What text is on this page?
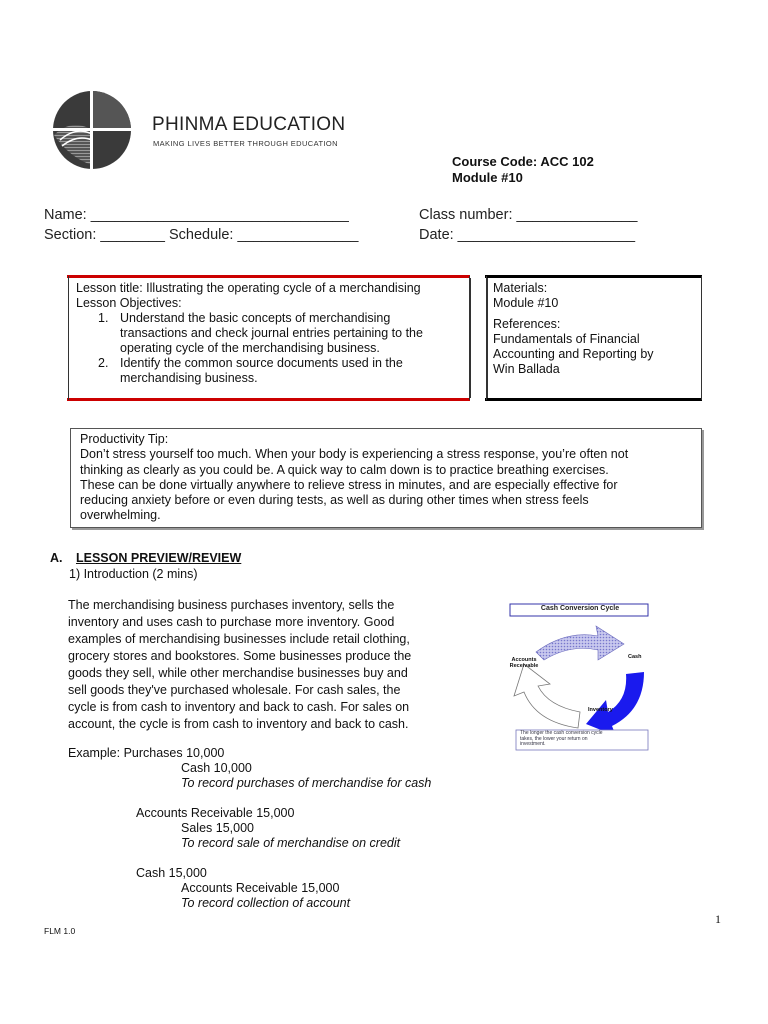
PHINMA EDUCATION
MAKING LIVES BETTER THROUGH EDUCATION
Course Code: ACC 102
Module #10
Name: ________________________________
Section: ________ Schedule: _______________
Class number: _______________
Date: ______________________
Lesson title: Illustrating the operating cycle of a merchandising
Lesson Objectives:
1. Understand the basic concepts of merchandising
transactions and check journal entries pertaining to the
operating cycle of the merchandising business.
2. Identify the common source documents used in the
merchandising business.
Materials:
Module #10
References:
Fundamentals of Financial
Accounting and Reporting by
Win Ballada
Productivity Tip:
Don’t stress yourself too much. When your body is experiencing a stress response, you’re often not
thinking as clearly as you could be. A quick way to calm down is to practice breathing exercises.
These can be done virtually anywhere to relieve stress in minutes, and are especially effective for
reducing anxiety before or even during tests, as well as during other times when stress feels
overwhelming.
A. LESSON PREVIEW/REVIEW
1) Introduction (2 mins)
The merchandising business purchases inventory, sells the
inventory and uses cash to purchase more inventory. Good
examples of merchandising businesses include retail clothing,
grocery stores and bookstores. Some businesses produce the
goods they sell, while other merchandise businesses buy and
sell goods they've purchased wholesale. For cash sales, the
cycle is from cash to inventory and back to cash. For sales on
account, the cycle is from cash to inventory and back to cash.
Cash Conversion Cycle
Accounts
Receivable
Cash
Inventory
The longer the cash conversion cycle
takes, the lower your return on
investment.
Example: Purchases 10,000
Cash 10,000
To record purchases of merchandise for cash
Accounts Receivable 15,000
Sales 15,000
To record sale of merchandise on credit
Cash 15,000
Accounts Receivable 15,000
To record collection of account
FLM 1.0
1
